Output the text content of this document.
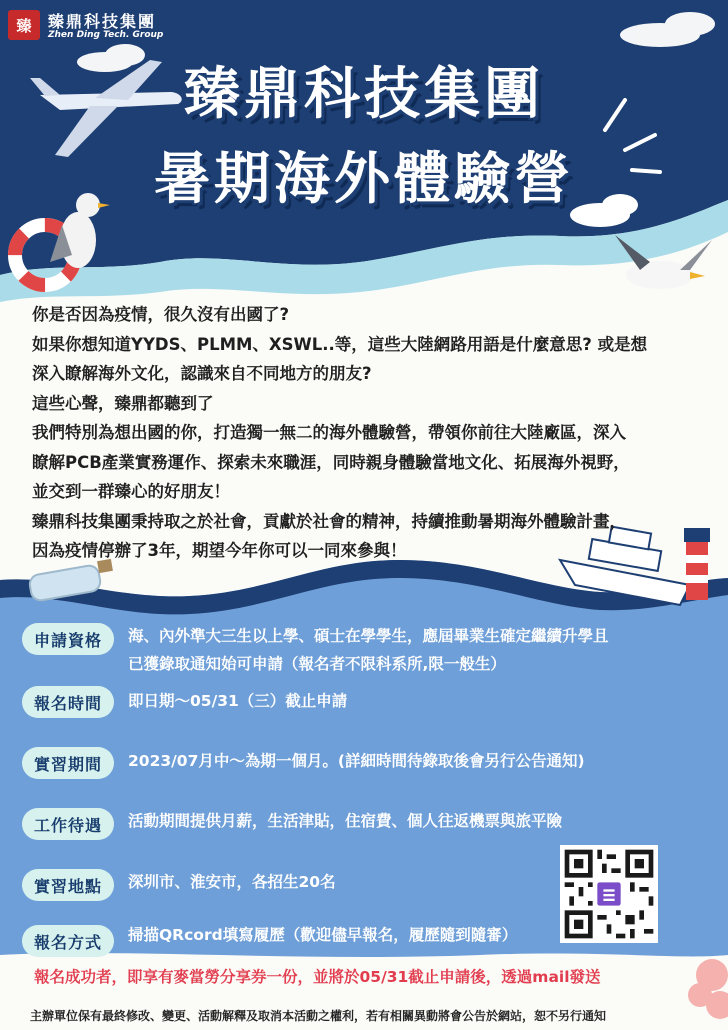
臻	臻鼎科技集團
Zhen Ding Tech. Group
臻鼎科技集團
暑期海外體驗營

你是否因為疫情，很久沒有出國了?

如果你想知道YYDS、PLMM、XSWL..等，這些大陸網路用語是什麼意思? 或是想

深入瞭解海外文化，認識來自不同地方的朋友?

這些心聲，臻鼎都聽到了

我們特別為想出國的你，打造獨一無二的海外體驗營，帶領你前往大陸廠區，深入

瞭解PCB產業實務運作、探索未來職涯，同時親身體驗當地文化、拓展海外視野，

並交到一群臻心的好朋友！

臻鼎科技集團秉持取之於社會，貢獻於社會的精神，持續推動暑期海外體驗計畫，

因為疫情停辦了3年，期望今年你可以一同來參與！

申請資格	海、內外準大三生以上學、碩士在學學生，應屆畢業生確定繼續升學且
已獲錄取通知始可申請（報名者不限科系所,限一般生）
報名時間	即日期～05/31（三）截止申請
實習期間	2023/07月中～為期一個月。(詳細時間待錄取後會另行公告通知)
工作待遇	活動期間提供月薪，生活津貼，住宿費、個人往返機票與旅平險
實習地點	深圳市、淮安市，各招生20名
報名方式	掃描QRcord填寫履歷（歡迎儘早報名，履歷隨到隨審）
報名成功者，即享有麥當勞分享券一份，並將於05/31截止申請後，透過mail發送
主辦單位保有最終修改、變更、活動解釋及取消本活動之權利，若有相關異動將會公告於網站，恕不另行通知
